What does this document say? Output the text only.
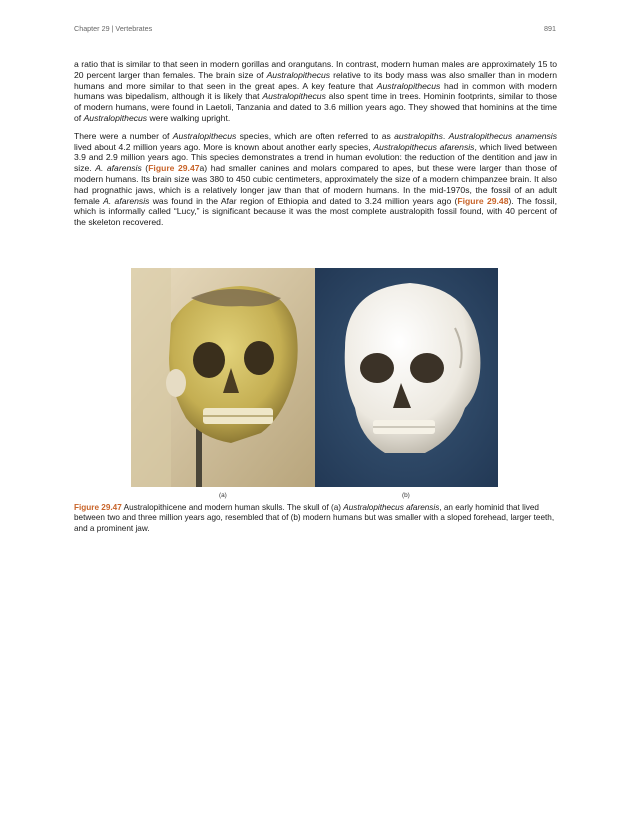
Chapter 29 | Vertebrates	891

a ratio that is similar to that seen in modern gorillas and orangutans. In contrast, modern human males are approximately 15 to 20 percent larger than females. The brain size of Australopithecus relative to its body mass was also smaller than in modern humans and more similar to that seen in the great apes. A key feature that Australopithecus had in common with modern humans was bipedalism, although it is likely that Australopithecus also spent time in trees. Hominin footprints, similar to those of modern humans, were found in Laetoli, Tanzania and dated to 3.6 million years ago. They showed that hominins at the time of Australopithecus were walking upright.

There were a number of Australopithecus species, which are often referred to as australopiths. Australopithecus anamensis lived about 4.2 million years ago. More is known about another early species, Australopithecus afarensis, which lived between 3.9 and 2.9 million years ago. This species demonstrates a trend in human evolution: the reduction of the dentition and jaw in size. A. afarensis (Figure 29.47a) had smaller canines and molars compared to apes, but these were larger than those of modern humans. Its brain size was 380 to 450 cubic centimeters, approximately the size of a modern chimpanzee brain. It also had prognathic jaws, which is a relatively longer jaw than that of modern humans. In the mid-1970s, the fossil of an adult female A. afarensis was found in the Afar region of Ethiopia and dated to 3.24 million years ago (Figure 29.48). The fossil, which is informally called “Lucy,” is significant because it was the most complete australopith fossil found, with 40 percent of the skeleton recovered.

(a)	(b)
Figure 29.47 Australopithicene and modern human skulls. The skull of (a) Australopithecus afarensis, an early hominid that lived between two and three million years ago, resembled that of (b) modern humans but was smaller with a sloped forehead, larger teeth, and a prominent jaw.
